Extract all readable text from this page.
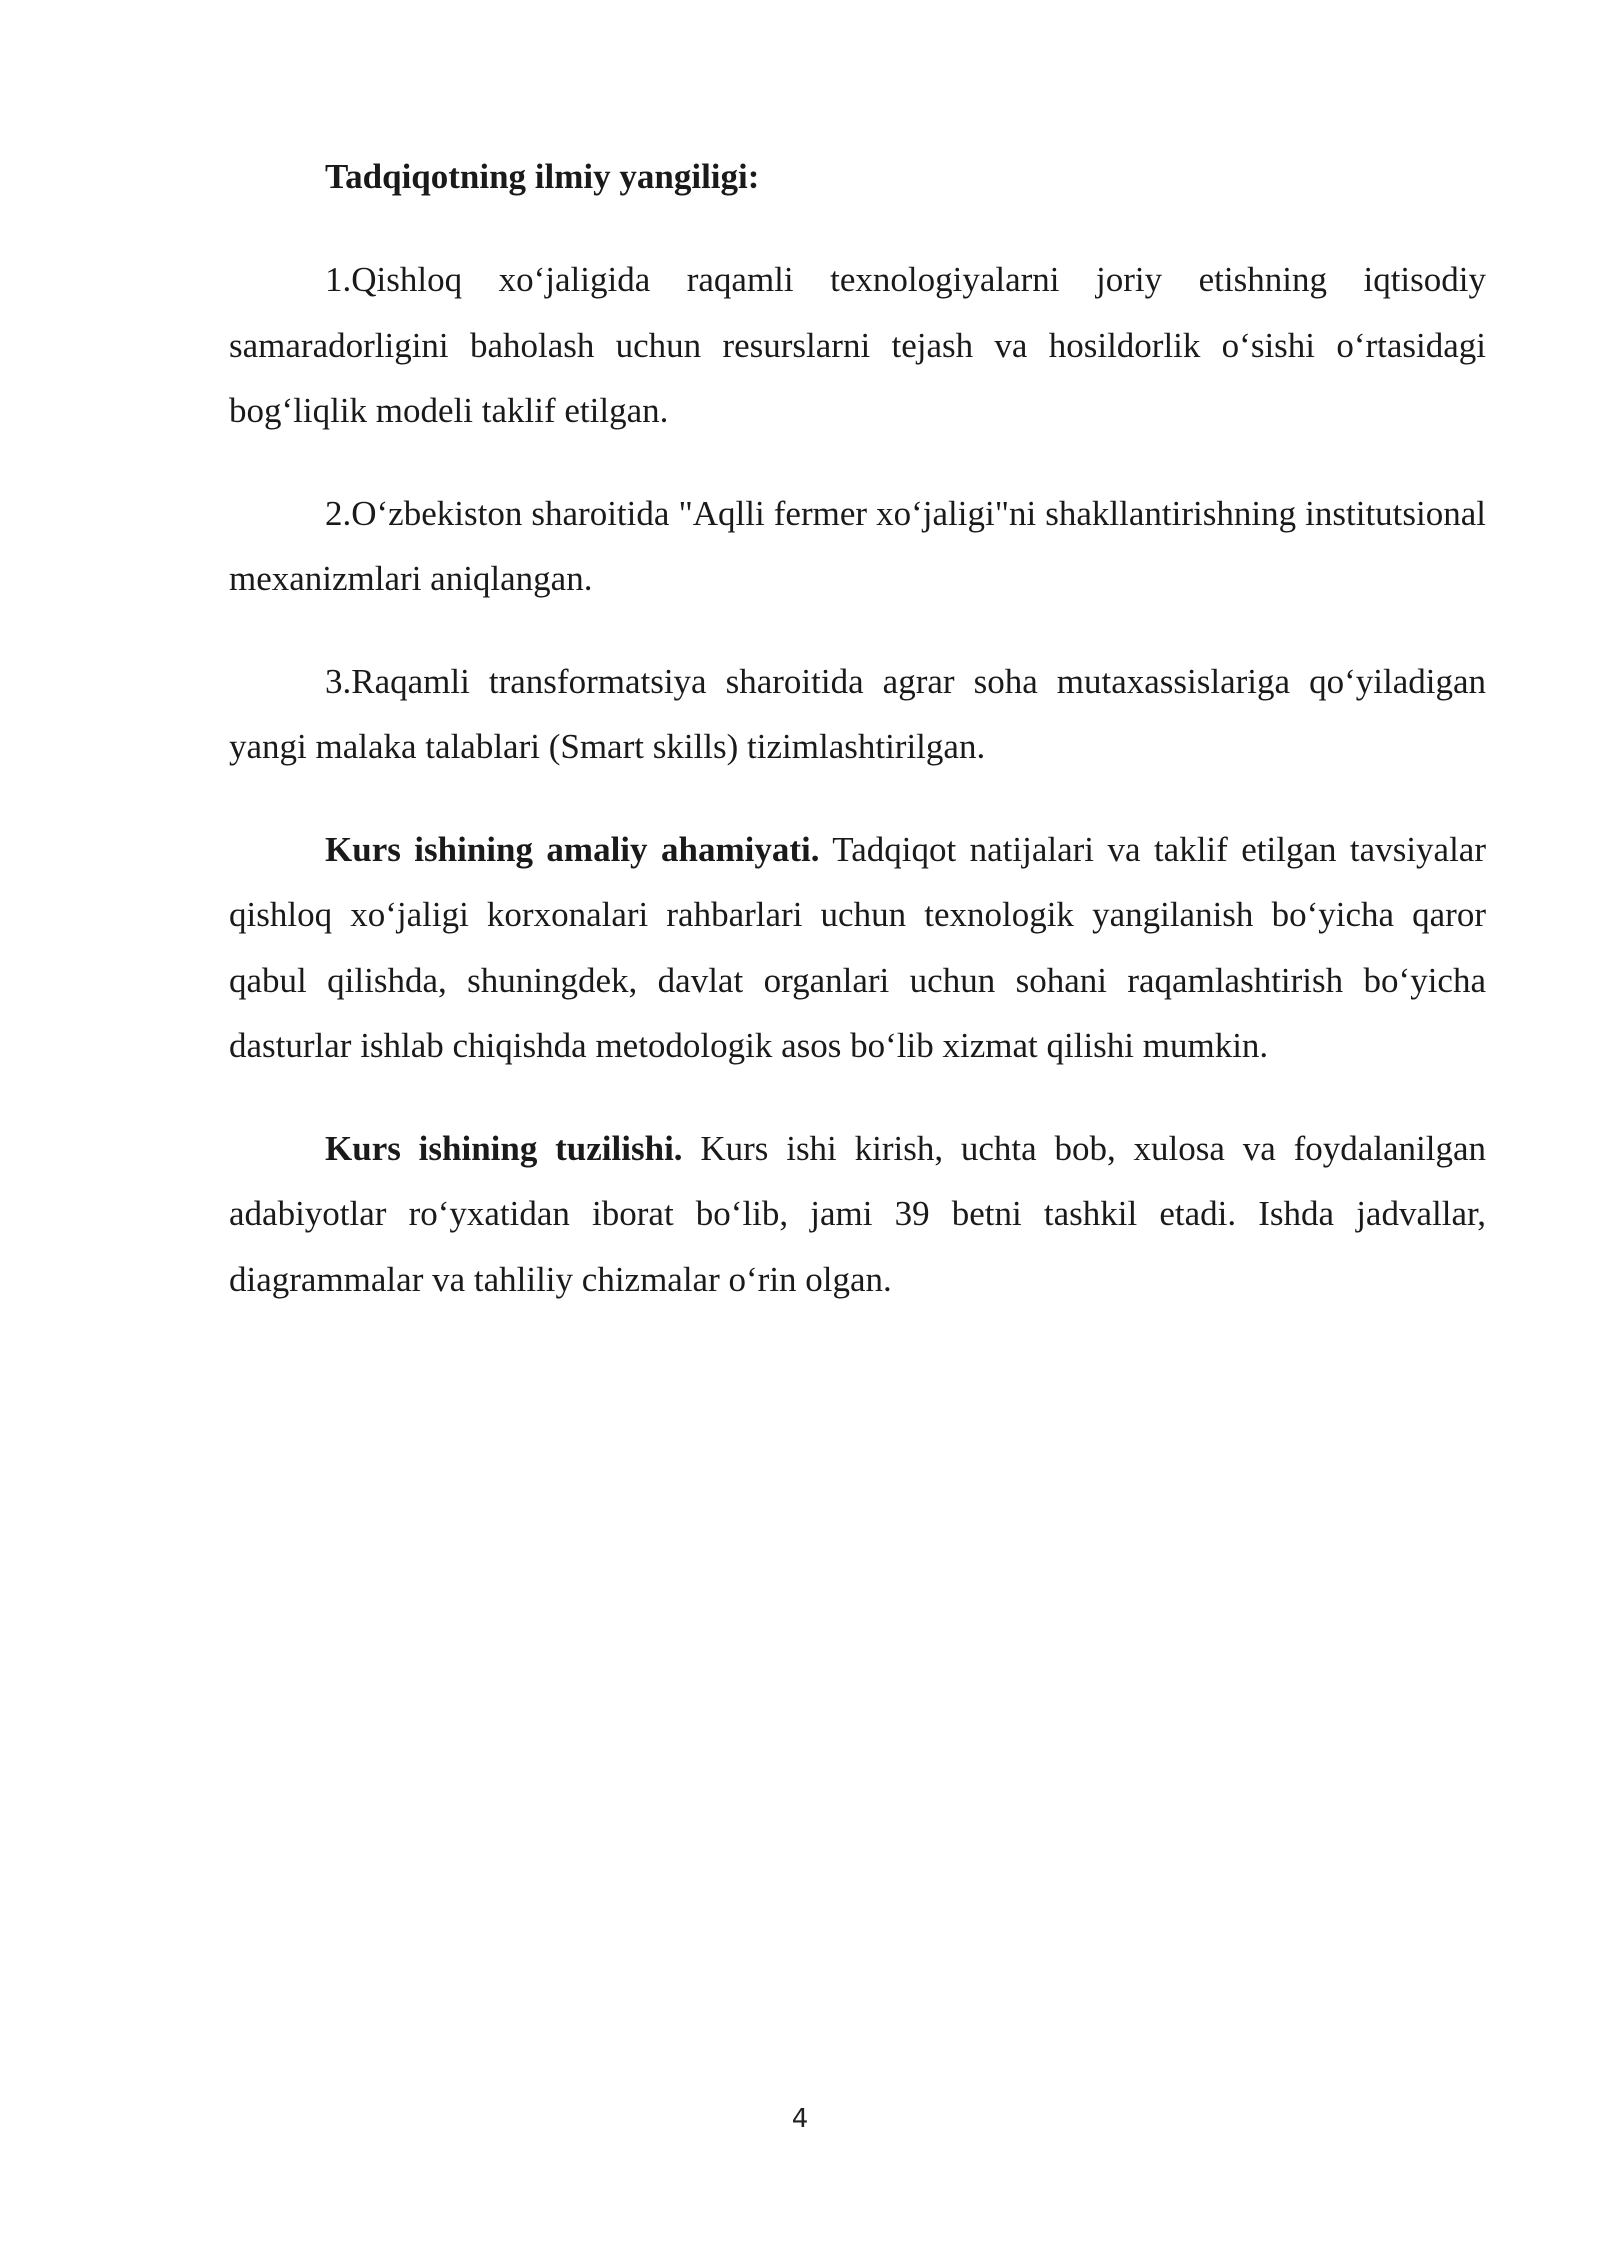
Tadqiqotning ilmiy yangiligi:

1.Qishloq xo‘jaligida raqamli texnologiyalarni joriy etishning iqtisodiy samaradorligini baholash uchun resurslarni tejash va hosildorlik o‘sishi o‘rtasidagi bog‘liqlik modeli taklif etilgan.

2.O‘zbekiston sharoitida "Aqlli fermer xo‘jaligi"ni shakllantirishning institutsional mexanizmlari aniqlangan.

3.Raqamli transformatsiya sharoitida agrar soha mutaxassislariga qo‘yiladigan yangi malaka talablari (Smart skills) tizimlashtirilgan.

Kurs ishining amaliy ahamiyati. Tadqiqot natijalari va taklif etilgan tavsiyalar qishloq xo‘jaligi korxonalari rahbarlari uchun texnologik yangilanish bo‘yicha qaror qabul qilishda, shuningdek, davlat organlari uchun sohani raqamlashtirish bo‘yicha dasturlar ishlab chiqishda metodologik asos bo‘lib xizmat qilishi mumkin.

Kurs ishining tuzilishi. Kurs ishi kirish, uchta bob, xulosa va foydalanilgan adabiyotlar ro‘yxatidan iborat bo‘lib, jami 39 betni tashkil etadi. Ishda jadvallar, diagrammalar va tahliliy chizmalar o‘rin olgan.

4
